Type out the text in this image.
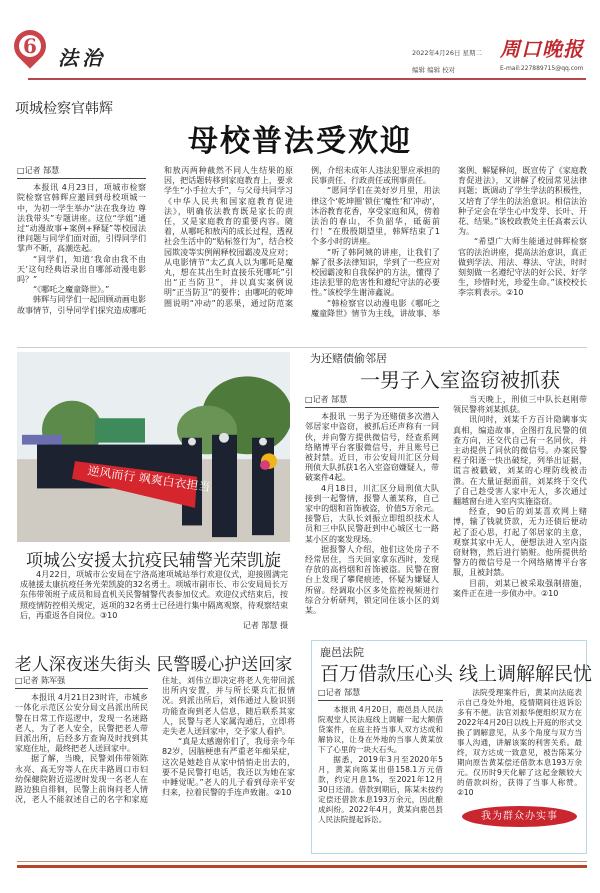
6 法治	2022年4月26日 星期二
编辑 编辑 校对
周口晚报
E-mail:227889715@qq.com
项城检察官韩辉
母校普法受欢迎
□记者 郜慧

本报讯 4月23日，项城市检察院检察官韩辉应邀回到母校项城一中，为初一学生举办“法在我身边 尊法我带头”专题讲座。这位“学姐”通过“动漫故事+案例+释疑”等校园法律问题与同学们面对面，引得同学们掌声不断，高潮迭起。

“同学们，知道‘我命由我不由天’这句经典语录出自哪部动漫电影吗？”

“《哪吒之魔童降世》。”

韩辉与同学们一起回顾动画电影故事情节，引导同学们探究造成哪吒和敖丙两种截然不同人生结果的原因，把话题转移到家庭教育上，要求学生“小手拉大手”，与父母共同学习《中华人民共和国家庭教育促进法》，明确依法教育既是家长的责任，又是家庭教育的重要内容。随着，从哪吒和敖丙的成长过程，透视社会生活中的“贴标签行为”，结合校园欺凌等实例阐释校园霸凌及应对；从电影情节“太乙真人以为哪吒是魔丸，想在其出生时直接乐死哪吒”引出“正当防卫”，并以真实案例说明“正当防卫”的要件；由哪吒的乾坤圈说明“冲动”的恶果，通过防范案例，介绍未成年人违法犯罪应承担的民事责任、行政责任或刑事责任。

“愿同学们在美好岁月里，用法律这个‘乾坤圈’锁住‘魔性’和‘冲动’，沐浴教育花香，享受家庭和风，傍着法治的春山，不负韶华，砥砺前行！”在殷殷期望里，韩辉结束了1个多小时的讲座。

“听了韩阿姨的讲座，让我们了解了很多法律知识，学到了一些应对校园霸凌和自我保护的方法，懂得了违法犯罪的危害性和遵纪守法的必要性。”该校学生谢沛鑫说。

“韩检察官以动漫电影《哪吒之魔童降世》情节为主线，讲故事、举案例、解疑释问，既宣传了《家庭教育促进法》，又讲解了校园常见法律问题；既调动了学生学法的积极性，又培育了学生的法治意识。相信法治种子定会在学生心中发芽、长叶、开花、结果。”该校政教处主任高素云认为。

“希望广大师生能通过韩辉检察官的法治讲座，提高法治意识，真正做到学法、用法、尊法、守法，时时刻刻做一名遵纪守法的好公民、好学生，珍惜时光，珍爱生命。”该校校长李宗莉表示。②10

逆风而行 飒爽白衣担当
项城公安援太抗疫民辅警光荣凯旋

4月22日，项城市公安局在宁洛高速项城站举行欢迎仪式，迎接圆满完成驰援太康抗疫任务光荣凯旋的32名勇士。项城市副市长、市公安局局长万东伟带领班子成员和局直机关民警辅警代表参加仪式。欢迎仪式结束后，按照疫情防控相关规定，返项的32名勇士已径进行集中隔离观察，待观察结束后，再重返各自岗位。③10

记者 郜慧 摄
为还赌债偷邻居
一男子入室盗窃被抓获
□记者 郜慧

本报讯 一男子为还赌债多次潜入邻居家中盗窃，被抓后还声称有一同伙，并向警方提供微信号，经查系网络赌博平台客服微信号，并且账号已被封禁。近日，市公安局川汇区分局刑侦大队抓获1名入室盗窃嫌疑人，带破案件4起。

4月18日，川汇区分局刑侦大队接到一起警情，报警人董某称，自己家中的烟和首饰被盗，价值5万余元。接警后，大队长刘振立即组织技术人员和三中队民警赶到中心城区七一路某小区的案发现场。

据报警人介绍，他们这处房子不经常居住，当天回家拿东西时，发现存放的高档烟和首饰被盗。民警在窗台上发现了攀爬痕迹，怀疑为嫌疑人所留。经调取小区多处监控视频进行综合分析研判，锁定同住该小区的刘某。

当天晚上，刑侦三中队长赵刚带领民警将刘某抓获。

讯问时，刘某千方百计隐瞒事实真相，编造故事，企图打乱民警的侦查方向，还交代自己有一名同伙，并主动提供了同伙的微信号。办案民警程子阳逐一快出破绽，列举出证据，谎言被戳破，刘某的心理防线被击溃。在大量证据面前，刘某终于交代了自己趁受害人家中无人，多次通过翻越窗台进入室内实施盗窃。

经查，90后的刘某喜欢网上赌博，输了钱就贷款，无力还债后便动起了歪心思，打起了邻居家的主意，观察其家中无人，便想法进入室内盗窃财物，然后进行销赃。他所提供给警方的微信号是一个网络赌博平台客服，且被封禁。

目前，刘某已被采取强制措施，案件正在进一步侦办中。②10

老人深夜迷失街头 民警暖心护送回家
□记者 陈军强

本报讯 4月21日23时许，市城乡一体化示范区公安分局文昌派出所民警在日常工作巡逻中，发现一名迷路老人，为了老人安全，民警把老人带回派出所，后经多方查询及时找到其家庭住址，最终把老人送回家中。

据了解，当晚，民警刘伟带领陈永亮、高无穷等人在庆丰路周口市妇幼保健院附近巡逻时发现一名老人在路边独自徘徊，民警上前询问老人情况，老人不能叙述自己的名字和家庭住址，刘伟立即决定将老人先带回派出所内安置，并与所长栗兵汇报情况。到派出所后，刘伟通过人脸识别功能查询到老人信息，随后联系其家人，民警与老人家属沟通后，立即将走失老人送回家中，交予家人看护。

“真是太感谢你们了，我母亲今年82岁，因脑梗患有严重老年痴呆症，这次是她趁自从家中悄悄走出去的，要不是民警打电话，我还以为她在家中睡觉呢。”老人的儿子看到母亲平安归来，拉着民警的手连声致谢。②10

鹿邑法院
百万借款压心头 线上调解解民忧
□记者 郜慧

本报讯 4月20日，鹿邑县人民法院观堂人民法庭线上调解一起大额借贷案件，在庭主持当事人双方达成和解协议，让身在外地的当事人黄某放下了心里的一块大石头。

据悉，2019年3月至2020年5月，黄某向陈某出借158.1万元借款，约定月息1%，至2021年12月30日还清。借款到期后，陈某未按约定偿还借款本息193万余元，因此酿成纠纷。2022年4月，黄某向鹿邑县人民法院提起诉讼。

法院受理案件后，黄某向法庭表示自己身处外地，疫情期间往返诉讼多有不便。法官刘振华便组织双方在2022年4月20日以线上开庭的形式交换了调解意见，从多个角度与双方当事人沟通，讲解该案的利害关系。最终，双方达成一致意见，被告陈某分期向原告黄某偿还借款本息193万余元。仅历时9天化解了这起金额较大的借款纠纷，获得了当事人称赞。②10

我为群众办实事
